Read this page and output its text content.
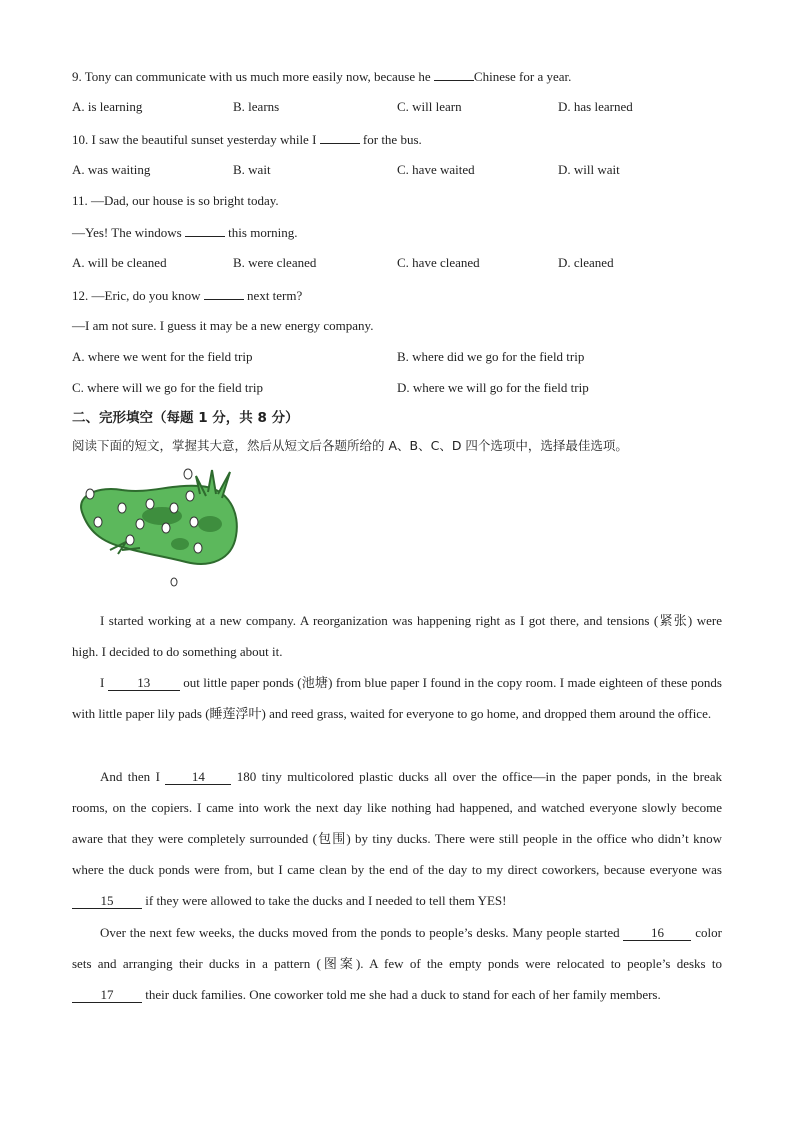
9. Tony can communicate with us much more easily now, because he	Chinese for a year.
A. is learning	B. learns	C. will learn	D. has learned
10. I saw the beautiful sunset yesterday while I	for the bus.
A. was waiting	B. wait	C. have waited	D. will wait
11. —Dad, our house is so bright today.
—Yes! The windows	this morning.
A. will be cleaned	B. were cleaned	C. have cleaned	D. cleaned
12. —Eric, do you know	next term?
—I am not sure. I guess it may be a new energy company.
A. where we went for the field trip	B. where did we go for the field trip
C. where will we go for the field trip	D. where we will go for the field trip
二、完形填空（每题 1 分，共 8 分）
阅读下面的短文，掌握其大意，然后从短文后各题所给的 A、B、C、D 四个选项中，选择最佳选项。

I started working at a new company. A reorganization was happening right as I got there, and tensions (紧张) were high. I decided to do something about it.

I 13 out little paper ponds (池塘) from blue paper I found in the copy room. I made eighteen of these ponds with little paper lily pads (睡莲浮叶) and reed grass, waited for everyone to go home, and dropped them around the office.

And then I 14 180 tiny multicolored plastic ducks all over the office—in the paper ponds, in the break rooms, on the copiers. I came into work the next day like nothing had happened, and watched everyone slowly become aware that they were completely surrounded (包围) by tiny ducks. There were still people in the office who didn’t know where the duck ponds were from, but I came clean by the end of the day to my direct coworkers, because everyone was 15 if they were allowed to take the ducks and I needed to tell them YES!

Over the next few weeks, the ducks moved from the ponds to people’s desks. Many people started 16 color sets and arranging their ducks in a pattern (图案). A few of the empty ponds were relocated to people’s desks to 17 their duck families. One coworker told me she had a duck to stand for each of her family members.
